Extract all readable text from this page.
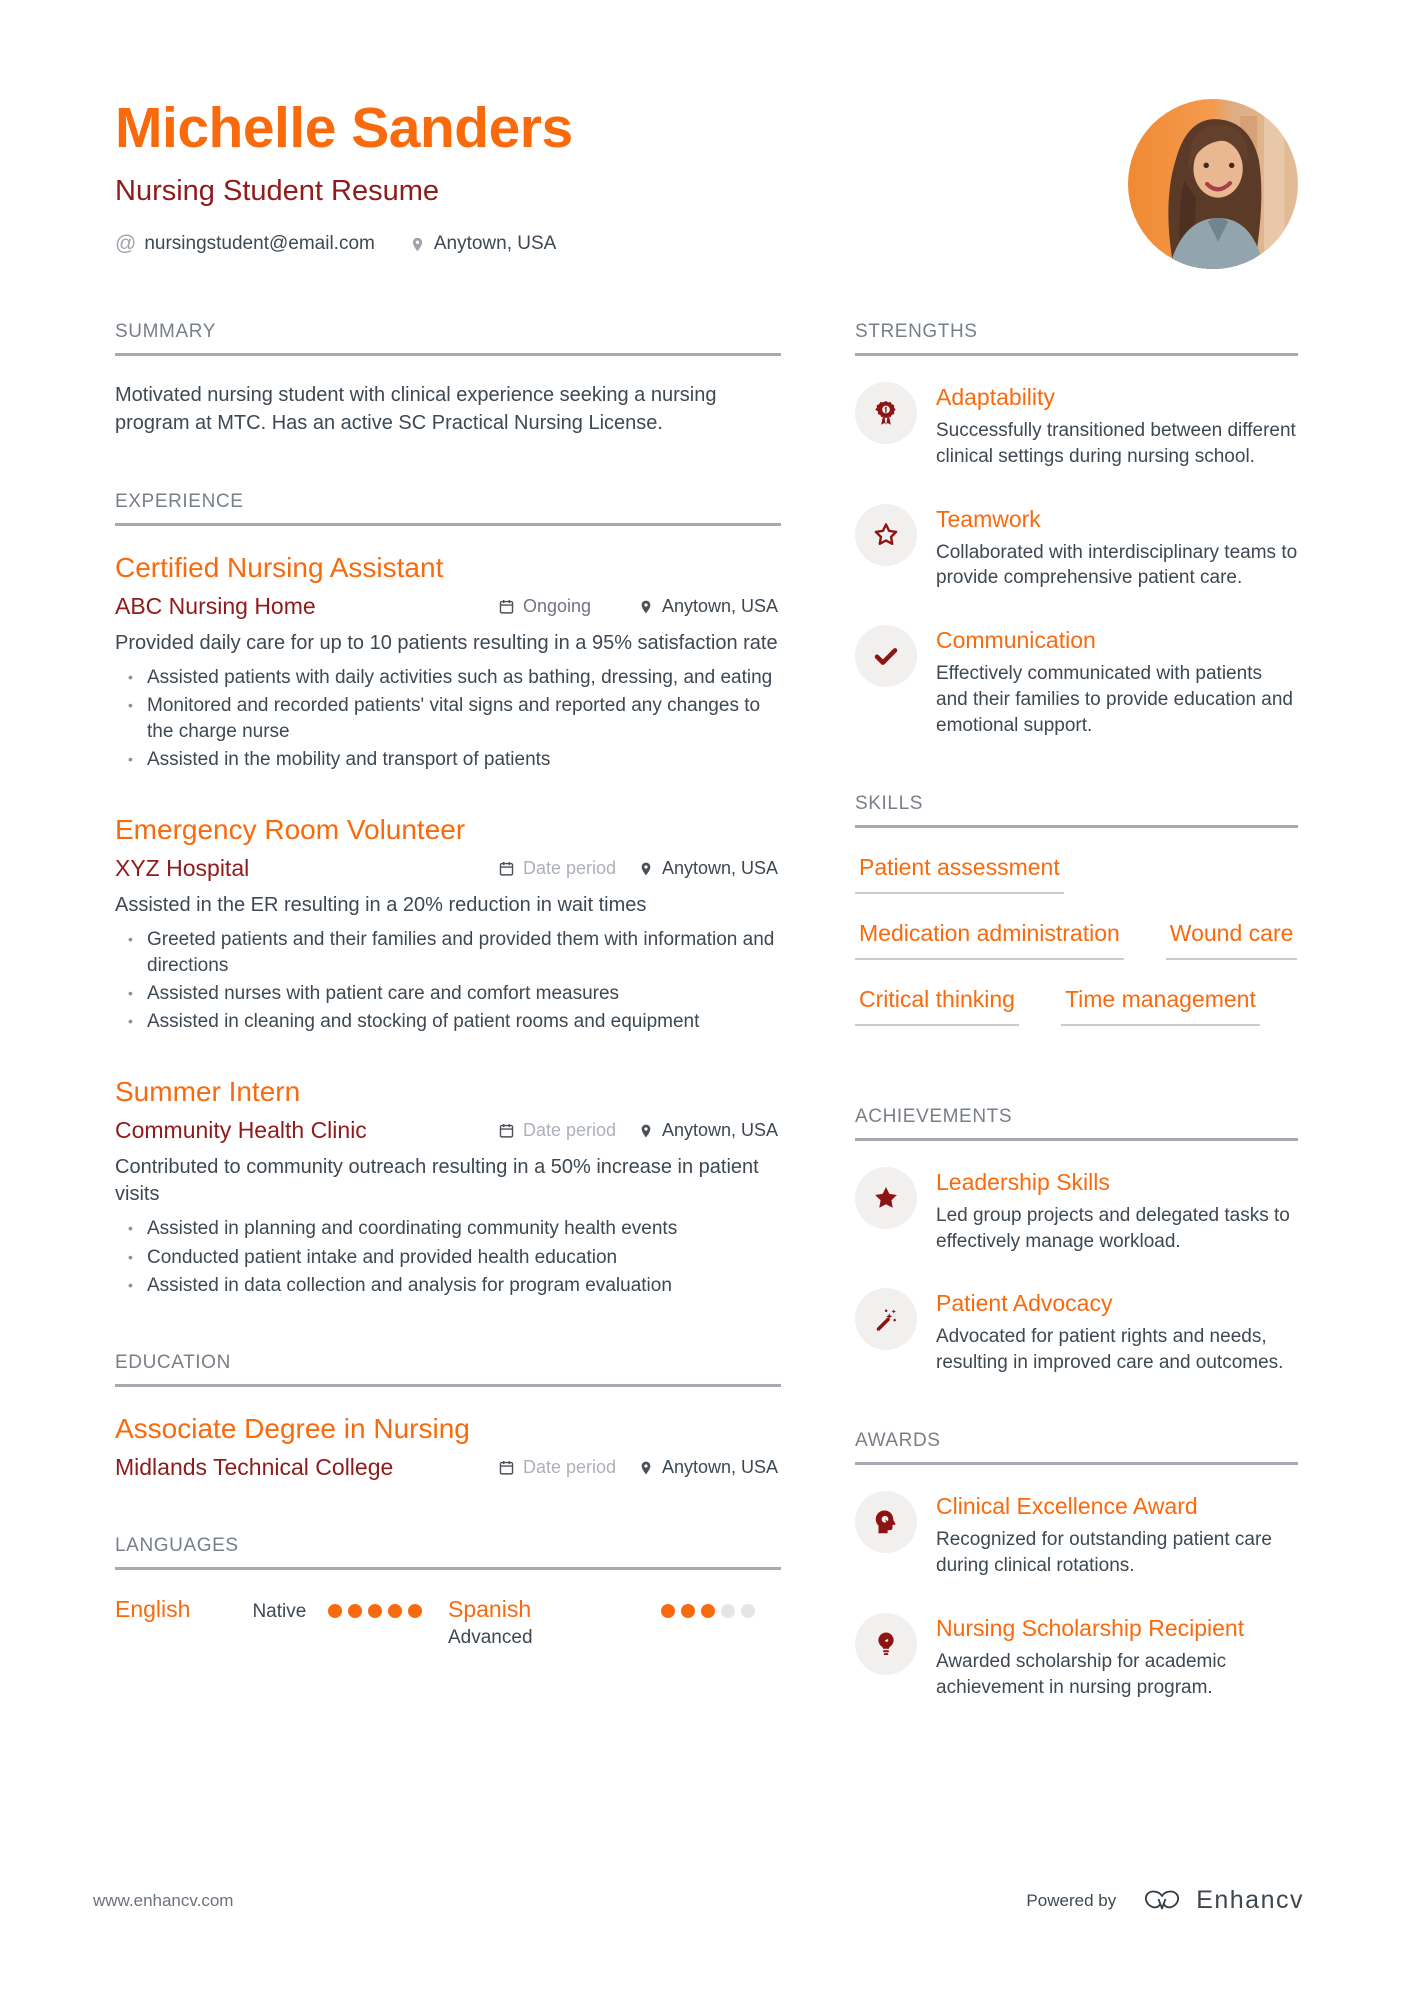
Michelle Sanders
Nursing Student Resume
@ nursingstudent@email.com	Anytown, USA
SUMMARY

Motivated nursing student with clinical experience seeking a nursing program at MTC. Has an active SC Practical Nursing License.

EXPERIENCE
Certified Nursing Assistant
ABC Nursing Home	Ongoing	Anytown, USA
Provided daily care for up to 10 patients resulting in a 95% satisfaction rate
• Assisted patients with daily activities such as bathing, dressing, and eating
• Monitored and recorded patients' vital signs and reported any changes to the charge nurse
• Assisted in the mobility and transport of patients
Emergency Room Volunteer
XYZ Hospital	Date period	Anytown, USA
Assisted in the ER resulting in a 20% reduction in wait times
• Greeted patients and their families and provided them with information and directions
• Assisted nurses with patient care and comfort measures
• Assisted in cleaning and stocking of patient rooms and equipment
Summer Intern
Community Health Clinic	Date period	Anytown, USA
Contributed to community outreach resulting in a 50% increase in patient visits
• Assisted in planning and coordinating community health events
• Conducted patient intake and provided health education
• Assisted in data collection and analysis for program evaluation
EDUCATION
Associate Degree in Nursing
Midlands Technical College	Date period	Anytown, USA
LANGUAGES
English	Native	Spanish
Advanced
STRENGTHS
Adaptability
Successfully transitioned between different clinical settings during nursing school.
Teamwork
Collaborated with interdisciplinary teams to provide comprehensive patient care.
Communication
Effectively communicated with patients and their families to provide education and emotional support.
SKILLS
Patient assessment
Medication administration Wound care
Critical thinking Time management
ACHIEVEMENTS
Leadership Skills
Led group projects and delegated tasks to effectively manage workload.
Patient Advocacy
Advocated for patient rights and needs, resulting in improved care and outcomes.
AWARDS
Clinical Excellence Award
Recognized for outstanding patient care during clinical rotations.
Nursing Scholarship Recipient
Awarded scholarship for academic achievement in nursing program.
www.enhancv.com	Powered by	Enhancv
